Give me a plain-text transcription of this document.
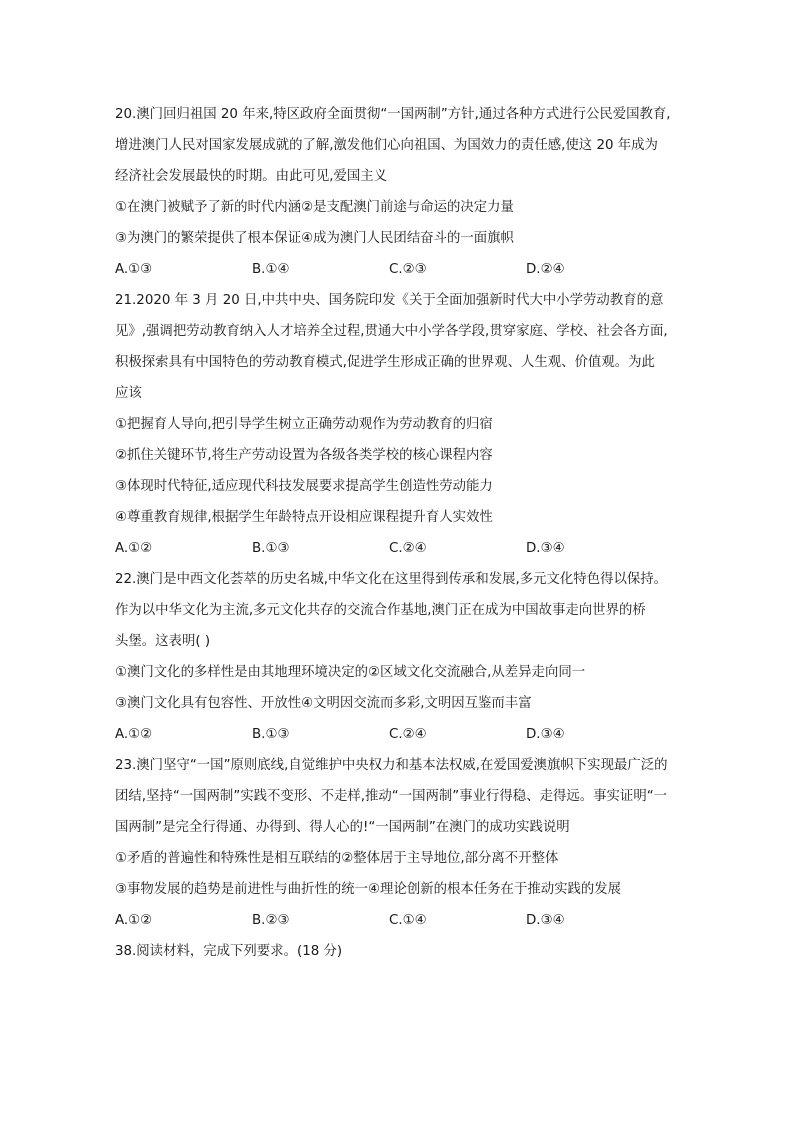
20.澳门回归祖国 20 年来,特区政府全面贯彻“一国两制”方针,通过各种方式进行公民爱国教育,
增进澳门人民对国家发展成就的了解,激发他们心向祖国、为国效力的责任感,使这 20 年成为
经济社会发展最快的时期。由此可见,爱国主义
①在澳门被赋予了新的时代内涵②是支配澳门前途与命运的决定力量
③为澳门的繁荣提供了根本保证④成为澳门人民团结奋斗的一面旗帜
A.①③	B.①④	C.②③	D.②④
21.2020 年 3 月 20 日,中共中央、国务院印发《关于全面加强新时代大中小学劳动教育的意
见》,强调把劳动教育纳入人才培养全过程,贯通大中小学各学段,贯穿家庭、学校、社会各方面,
积极探索具有中国特色的劳动教育模式,促进学生形成正确的世界观、人生观、价值观。为此
应该
①把握育人导向,把引导学生树立正确劳动观作为劳动教育的归宿
②抓住关键环节,将生产劳动设置为各级各类学校的核心课程内容
③体现时代特征,适应现代科技发展要求提高学生创造性劳动能力
④尊重教育规律,根据学生年龄特点开设相应课程提升育人实效性
A.①②	B.①③	C.②④	D.③④
22.澳门是中西文化荟萃的历史名城,中华文化在这里得到传承和发展,多元文化特色得以保持。
作为以中华文化为主流,多元文化共存的交流合作基地,澳门正在成为中国故事走向世界的桥
头堡。这表明( )
①澳门文化的多样性是由其地理环境决定的②区域文化交流融合,从差异走向同一
③澳门文化具有包容性、开放性④文明因交流而多彩,文明因互鉴而丰富
A.①②	B.①③	C.②④	D.③④
23.澳门坚守“一国”原则底线,自觉维护中央权力和基本法权威,在爱国爱澳旗帜下实现最广泛的
团结,坚持“一国两制”实践不变形、不走样,推动“一国两制”事业行得稳、走得远。事实证明“一
国两制”是完全行得通、办得到、得人心的!“一国两制”在澳门的成功实践说明
①矛盾的普遍性和特殊性是相互联结的②整体居于主导地位,部分离不开整体
③事物发展的趋势是前进性与曲折性的统一④理论创新的根本任务在于推动实践的发展
A.①②	B.②③	C.①④	D.③④
38.阅读材料，完成下列要求。(18 分)
